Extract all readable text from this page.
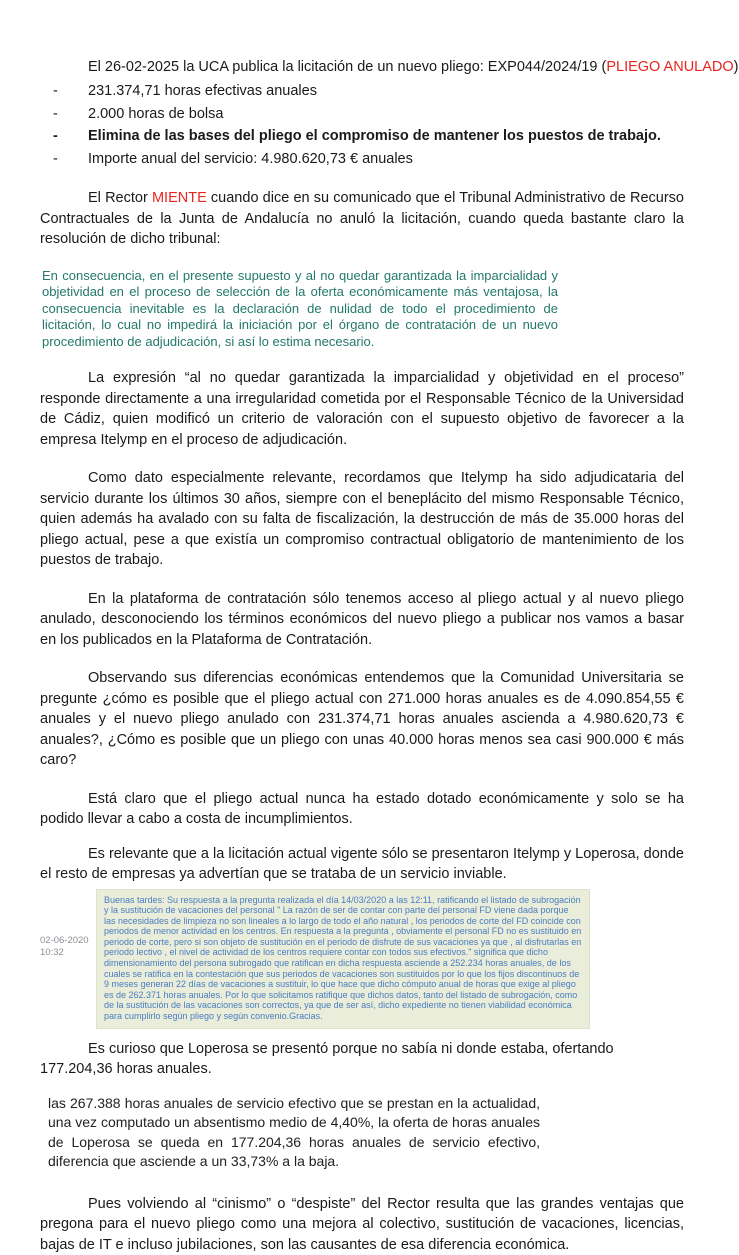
El 26-02-2025 la UCA publica la licitación de un nuevo pliego: EXP044/2024/19 (PLIEGO ANULADO)

-	231.374,71 horas efectivas anuales
-	2.000 horas de bolsa
-	Elimina de las bases del pliego el compromiso de mantener los puestos de trabajo.
-	Importe anual del servicio: 4.980.620,73 € anuales

El Rector MIENTE cuando dice en su comunicado que el Tribunal Administrativo de Recurso Contractuales de la Junta de Andalucía no anuló la licitación, cuando queda bastante claro la resolución de dicho tribunal:

En consecuencia, en el presente supuesto y al no quedar garantizada la imparcialidad y objetividad en el proceso de selección de la oferta económicamente más ventajosa, la consecuencia inevitable es la declaración de nulidad de todo el procedimiento de licitación, lo cual no impedirá la iniciación por el órgano de contratación de un nuevo procedimiento de adjudicación, si así lo estima necesario.

La expresión “al no quedar garantizada la imparcialidad y objetividad en el proceso” responde directamente a una irregularidad cometida por el Responsable Técnico de la Universidad de Cádiz, quien modificó un criterio de valoración con el supuesto objetivo de favorecer a la empresa Itelymp en el proceso de adjudicación.

Como dato especialmente relevante, recordamos que Itelymp ha sido adjudicataria del servicio durante los últimos 30 años, siempre con el beneplácito del mismo Responsable Técnico, quien además ha avalado con su falta de fiscalización, la destrucción de más de 35.000 horas del pliego actual, pese a que existía un compromiso contractual obligatorio de mantenimiento de los puestos de trabajo.

En la plataforma de contratación sólo tenemos acceso al pliego actual y al nuevo pliego anulado, desconociendo los términos económicos del nuevo pliego a publicar nos vamos a basar en los publicados en la Plataforma de Contratación.

Observando sus diferencias económicas entendemos que la Comunidad Universitaria se pregunte ¿cómo es posible que el pliego actual con 271.000 horas anuales es de 4.090.854,55 € anuales y el nuevo pliego anulado con 231.374,71 horas anuales ascienda a 4.980.620,73 € anuales?, ¿Cómo es posible que un pliego con unas 40.000 horas menos sea casi 900.000 € más caro?

Está claro que el pliego actual nunca ha estado dotado económicamente y solo se ha podido llevar a cabo a costa de incumplimientos.

Es relevante que a la licitación actual vigente sólo se presentaron Itelymp y Loperosa, donde el resto de empresas ya advertían que se trataba de un servicio inviable.

02-06-2020
10:32
Buenas tardes: Su respuesta a la pregunta realizada el día 14/03/2020 a las 12:11, ratificando el listado de subrogación y la sustitución de vacaciones del personal " La razón de ser de contar con parte del personal FD viene dada porque las necesidades de limpieza no son lineales a lo largo de todo el año natural , los periodos de corte del FD coincide con periodos de menor actividad en los centros. En respuesta a la pregunta , obviamente el personal FD no es sustituido en periodo de corte, pero si son objeto de sustitución en el periodo de disfrute de sus vacaciones ya que , al disfrutarlas en periodo lectivo , el nivel de actividad de los centros requiere contar con todos sus efectivos." significa que dicho dimensionamiento del persona subrogado que ratifican en dicha respuesta asciende a 252.234 horas anuales, de los cuales se ratifica en la contestación que sus periodos de vacaciones son sustituidos por lo que los fijos discontinuos de 9 meses generan 22 días de vacaciones a sustituir, lo que hace que dicho cómputo anual de horas que exige al pliego es de 262.371 horas anuales. Por lo que solicitamos ratifique que dichos datos, tanto del listado de subrogación, como de la sustitución de las vacaciones son correctos, ya que de ser así, dicho expediente no tienen viabilidad económica para cumplirlo según pliego y según convenio.Gracias.

Es curioso que Loperosa se presentó porque no sabía ni donde estaba, ofertando 177.204,36 horas anuales.

las 267.388 horas anuales de servicio efectivo que se prestan en la actualidad, una vez computado un absentismo medio de 4,40%, la oferta de horas anuales de Loperosa se queda en 177.204,36 horas anuales de servicio efectivo, diferencia que asciende a un 33,73% a la baja.

Pues volviendo al “cinismo” o “despiste” del Rector resulta que las grandes ventajas que pregona para el nuevo pliego como una mejora al colectivo, sustitución de vacaciones, licencias, bajas de IT e incluso jubilaciones, son las causantes de esa diferencia económica.
